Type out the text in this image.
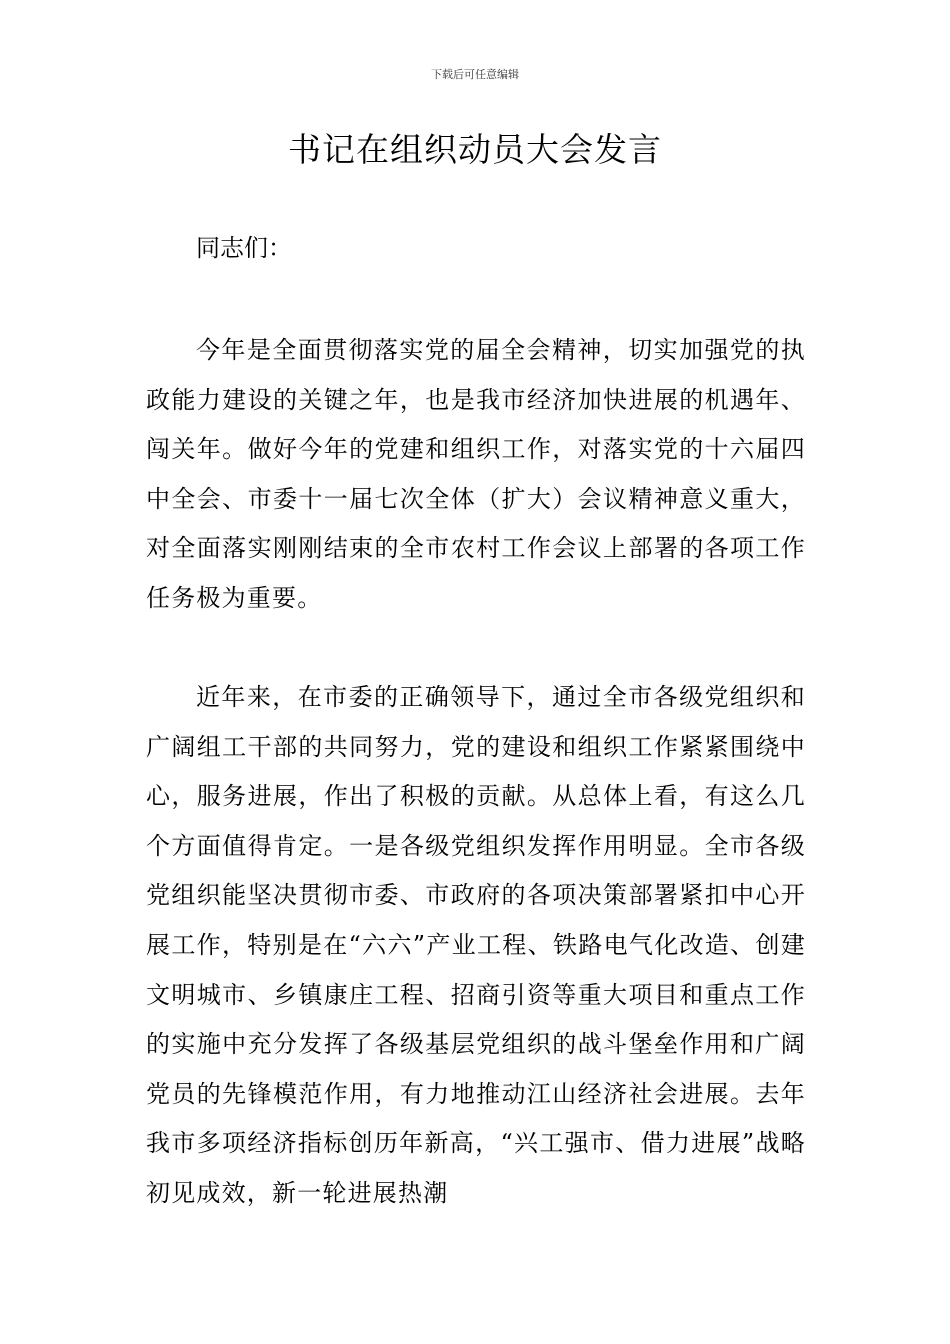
下载后可任意编辑
书记在组织动员大会发言
同志们：
今年是全面贯彻落实党的届全会精神，切实加强党的执政能力建设的关键之年，也是我市经济加快进展的机遇年、闯关年。做好今年的党建和组织工作，对落实党的十六届四中全会、市委十一届七次全体（扩大）会议精神意义重大，对全面落实刚刚结束的全市农村工作会议上部署的各项工作任务极为重要。
近年来，在市委的正确领导下，通过全市各级党组织和广阔组工干部的共同努力，党的建设和组织工作紧紧围绕中心，服务进展，作出了积极的贡献。从总体上看，有这么几个方面值得肯定。一是各级党组织发挥作用明显。全市各级党组织能坚决贯彻市委、市政府的各项决策部署紧扣中心开展工作，特别是在“六六”产业工程、铁路电气化改造、创建文明城市、乡镇康庄工程、招商引资等重大项目和重点工作的实施中充分发挥了各级基层党组织的战斗堡垒作用和广阔党员的先锋模范作用，有力地推动江山经济社会进展。去年我市多项经济指标创历年新高，“兴工强市、借力进展”战略初见成效，新一轮进展热潮
